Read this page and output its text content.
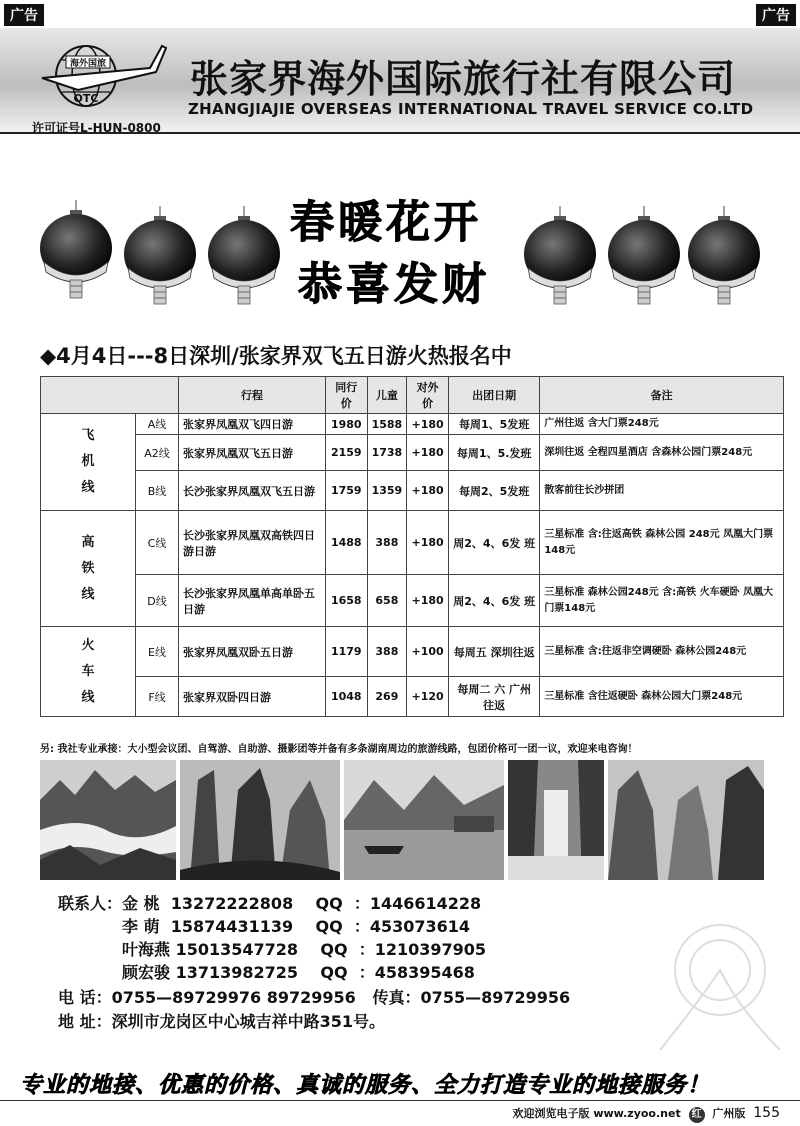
广告	广告
海外国旅
OTC 张家界海外国际旅行社有限公司
ZHANGJIAJIE OVERSEAS INTERNATIONAL TRAVEL SERVICE CO.LTD
许可证号L-HUN-0800
春暖花开
恭喜发财
◆4月4日---8日深圳/张家界双飞五日游火热报名中
		行程	同行价	儿童	对外价	出团日期	备注
飞机线	A线	张家界凤凰双飞四日游	1980	1588	+180	每周1、5发班	广州往返 含大门票248元
	A2线	张家界凤凰双飞五日游	2159	1738	+180	每周1、5.发班	深圳往返 全程四星酒店 含森林公园门票248元
	B线	长沙张家界凤凰双飞五日游	1759	1359	+180	每周2、5发班	散客前往长沙拼团
高铁线	C线	长沙张家界凤凰双高铁四日游日游	1488	388	+180	周2、4、6发 班	三星标准 含:往返高铁 森林公园 248元 凤凰大门票148元
	D线	长沙张家界凤凰单高单卧五日游	1658	658	+180	周2、4、6发 班	三星标准 森林公园248元 含:高铁 火车硬卧 凤凰大门票148元
火车线	E线	张家界凤凰双卧五日游	1179	388	+100	每周五 深圳往返	三星标准 含:往返非空调硬卧 森林公园248元
	F线	张家界双卧四日游	1048	269	+120	每周二 六 广州往返	三星标准 含往返硬卧 森林公园大门票248元
另: 我社专业承接：大小型会议团、自驾游、自助游、摄影团等并备有多条湖南周边的旅游线路，包团价格可一团一议，欢迎来电咨询！
联系人：金 桃 13272222808 QQ  ：1446614228
李 萌 15874431139 QQ  ：453073614
叶海燕 15013547728 QQ  ：1210397905
顾宏骏 13713982725 QQ  ：458395468
电 话：0755—89729976 89729956 传真：0755—89729956
地 址：深圳市龙岗区中心城吉祥中路351号。
专业的地接、优惠的价格、真诚的服务、全力打造专业的地接服务！
欢迎浏览电子版 www.zyoo.net 红 广州版 155
